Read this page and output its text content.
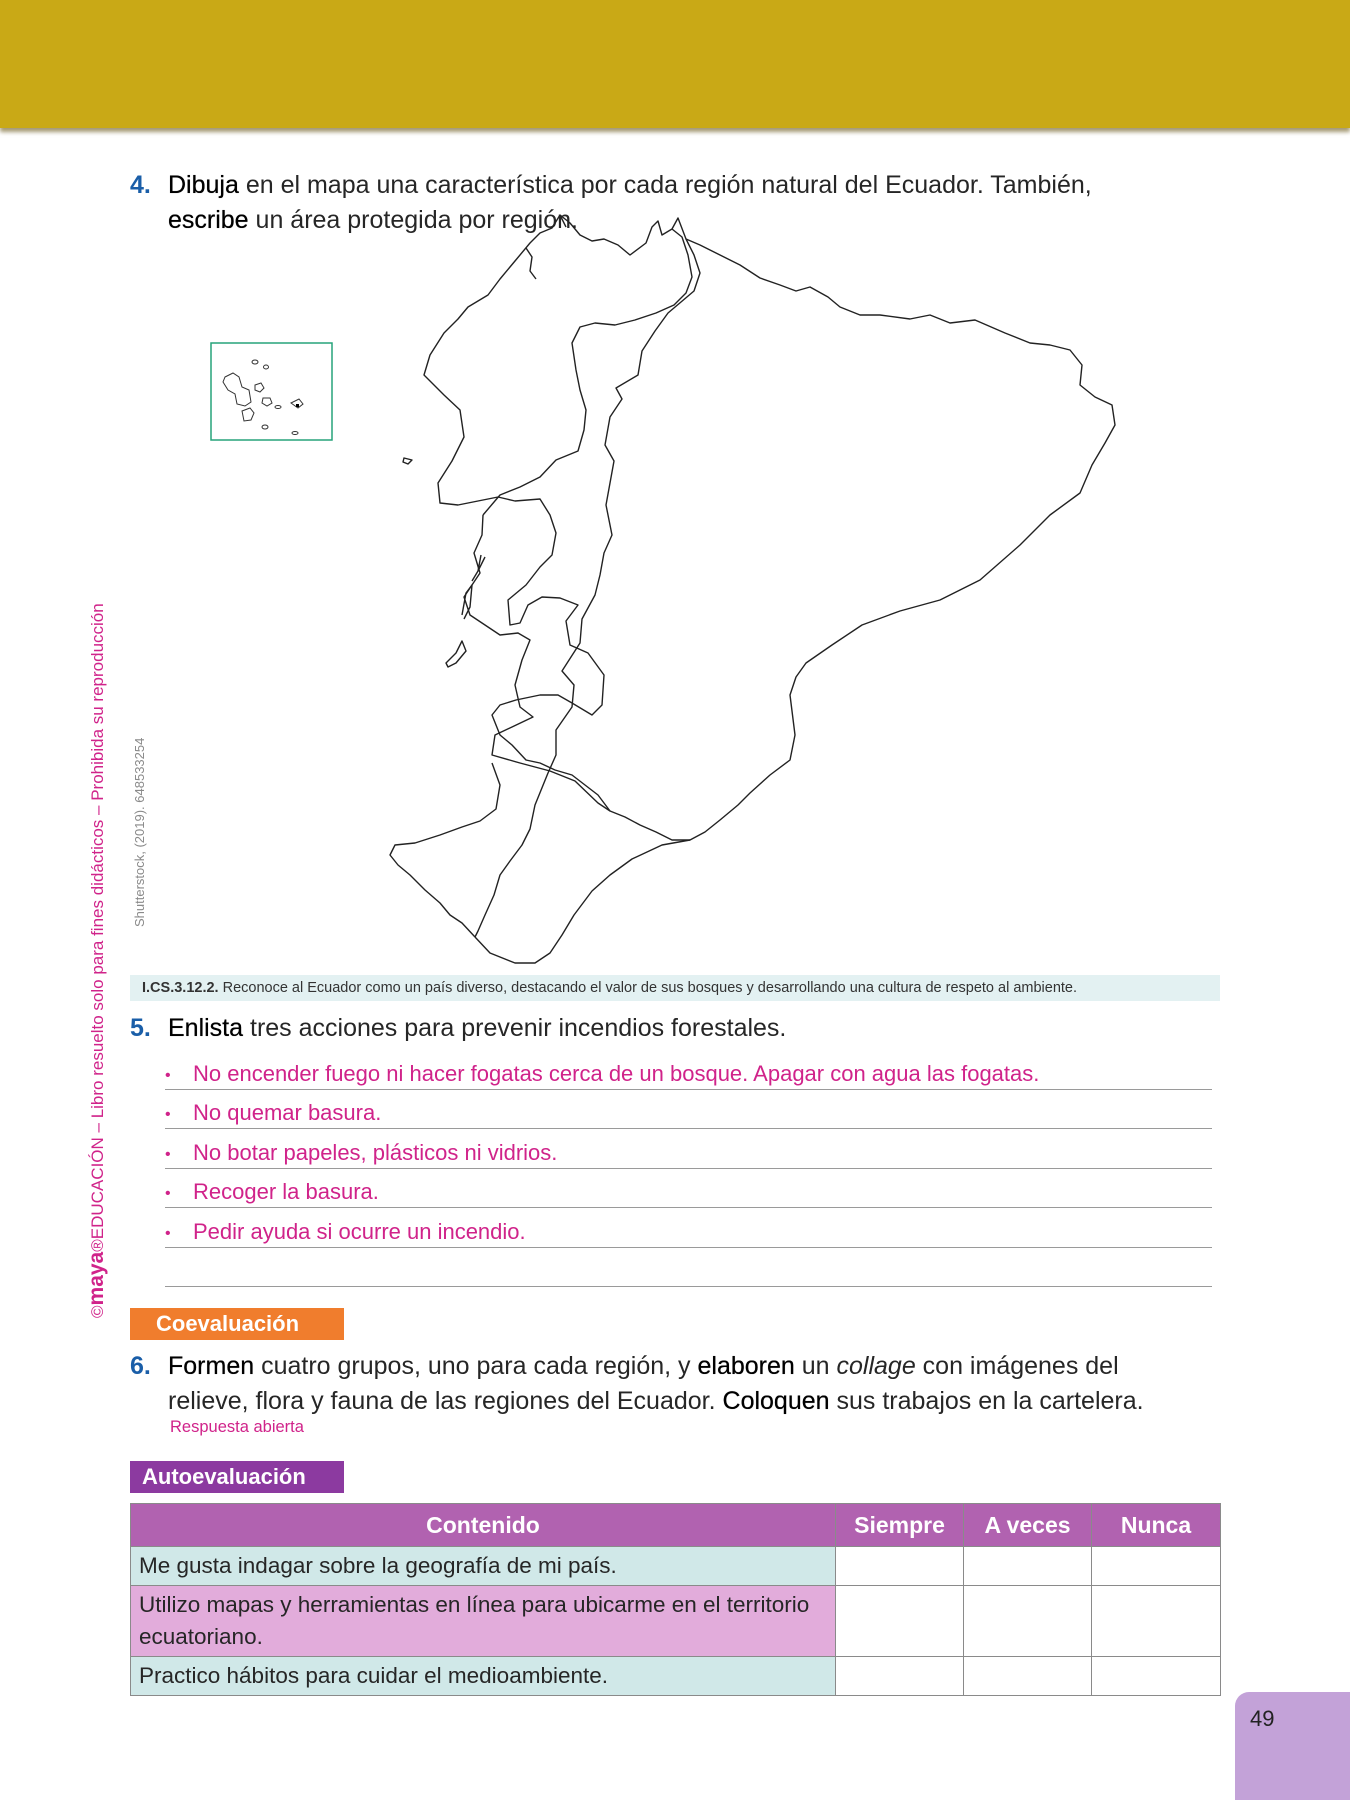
©maya®EDUCACIÓN – Libro resuelto solo para fines didácticos – Prohibida su reproducción Shutterstock, (2019). 648533254
4. Dibuja en el mapa una característica por cada región natural del Ecuador. También,
escribe un área protegida por región.
I.CS.3.12.2. Reconoce al Ecuador como un país diverso, destacando el valor de sus bosques y desarrollando una cultura de respeto al ambiente.
5. Enlista tres acciones para prevenir incendios forestales.
• No encender fuego ni hacer fogatas cerca de un bosque. Apagar con agua las fogatas.
• No quemar basura.
• No botar papeles, plásticos ni vidrios.
• Recoger la basura.
• Pedir ayuda si ocurre un incendio.
Coevaluación
6. Formen cuatro grupos, uno para cada región, y elaboren un collage con imágenes del
relieve, flora y fauna de las regiones del Ecuador. Coloquen sus trabajos en la cartelera.
Respuesta abierta
Autoevaluación
Contenido	Siempre	A veces	Nunca
Me gusta indagar sobre la geografía de mi país.			
Utilizo mapas y herramientas en línea para ubicarme en el territorio ecuatoriano.			
Practico hábitos para cuidar el medioambiente.			
49
